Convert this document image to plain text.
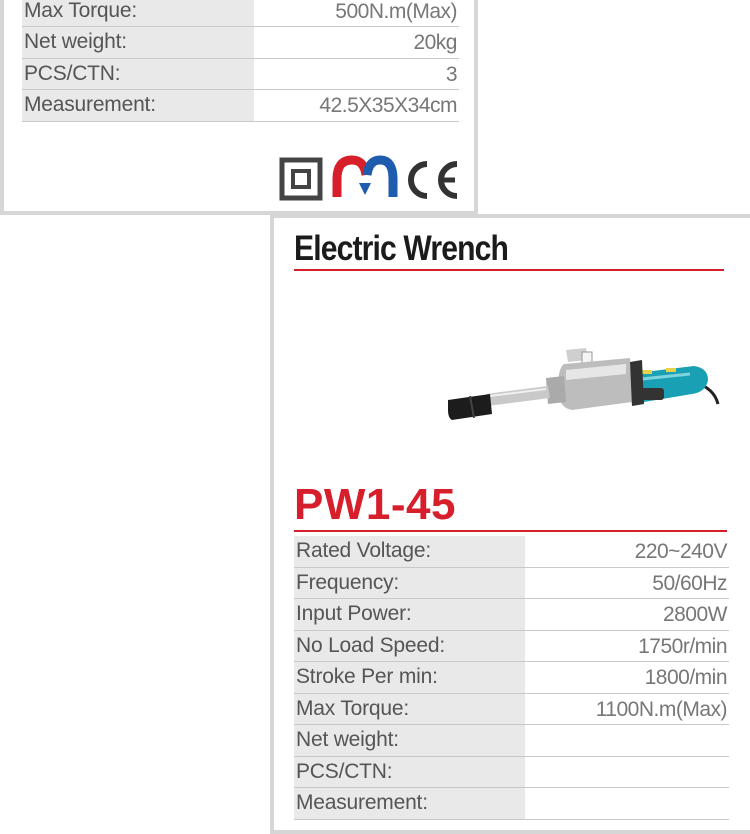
Max Torque:	500N.m(Max)
Net weight:	20kg
PCS/CTN:	3
Measurement:	42.5X35X34cm
Electric Wrench
PW1-45
Rated Voltage:	220~240V
Frequency:	50/60Hz
Input Power:	2800W
No Load Speed:	1750r/min
Stroke Per min:	1800/min
Max Torque:	1100N.m(Max)
Net weight:
PCS/CTN:
Measurement:
